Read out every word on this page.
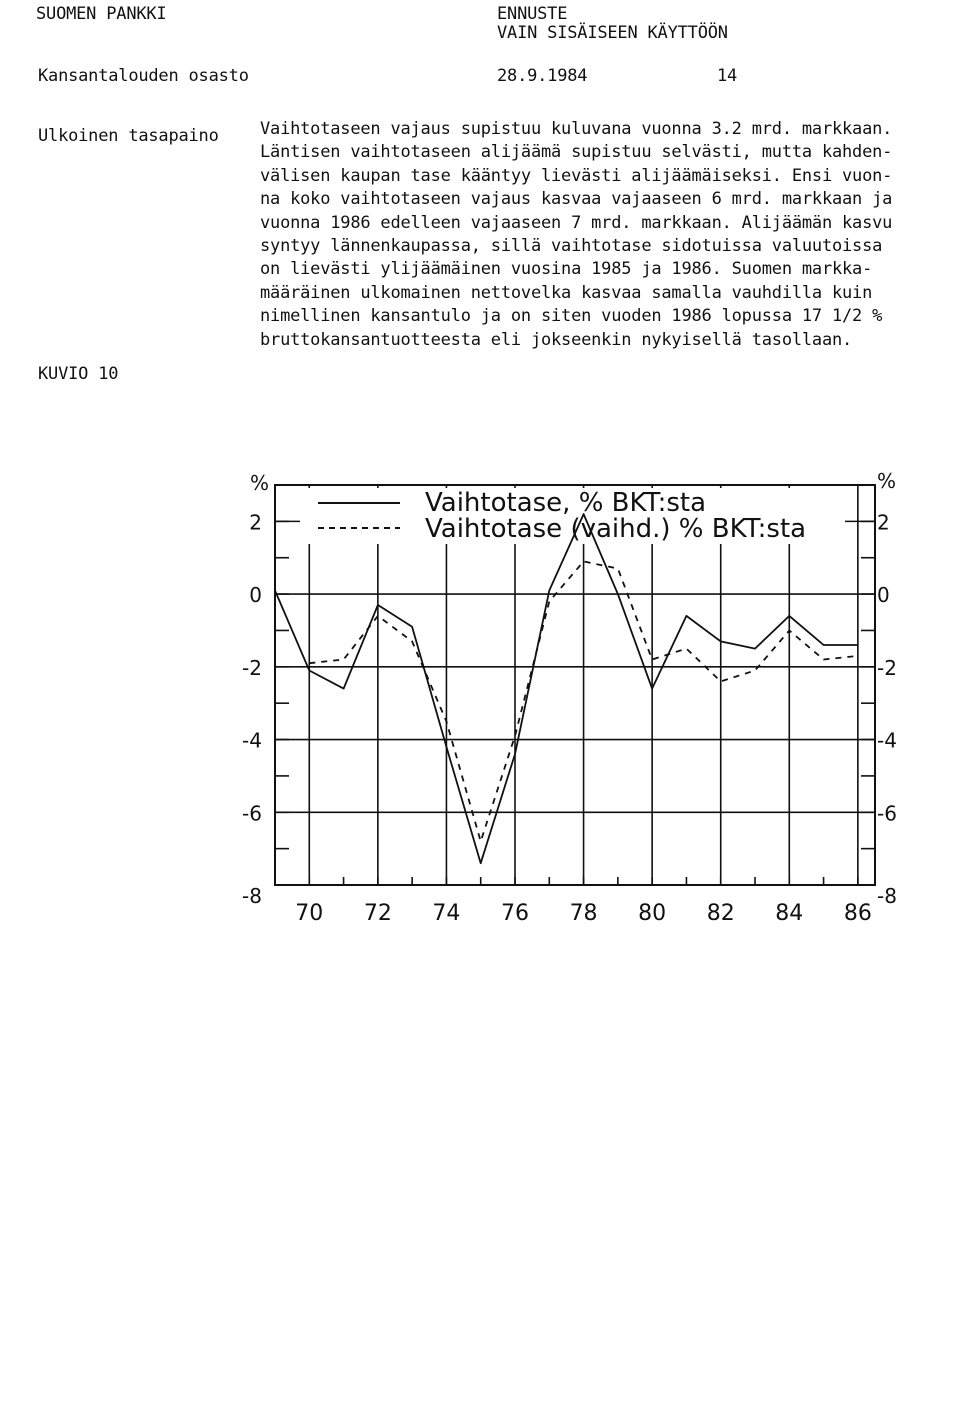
SUOMEN PANKKI	ENNUSTE
VAIN SISÄISEEN KÄYTTÖÖN
Kansantalouden osasto	28.9.1984	14
Ulkoinen tasapaino Vaihtotaseen vajaus supistuu kuluvana vuonna 3.2 mrd. markkaan.
Läntisen vaihtotaseen alijäämä supistuu selvästi, mutta kahden-
välisen kaupan tase kääntyy lievästi alijäämäiseksi. Ensi vuon-
na koko vaihtotaseen vajaus kasvaa vajaaseen 6 mrd. markkaan ja
vuonna 1986 edelleen vajaaseen 7 mrd. markkaan. Alijäämän kasvu
syntyy lännenkaupassa, sillä vaihtotase sidotuissa valuutoissa
on lievästi ylijäämäinen vuosina 1985 ja 1986. Suomen markka-
määräinen ulkomainen nettovelka kasvaa samalla vauhdilla kuin
nimellinen kansantulo ja on siten vuoden 1986 lopussa 17 1/2 %
bruttokansantuotteesta eli jokseenkin nykyisellä tasollaan.
KUVIO 10
2	2
0	0
-2	-2
-4	-4
-6	-6
-8	-8
70 72 74 76 78 80 82 84 86
Vaihtotase, % BKT:sta
Vaihtotase (vaihd.) % BKT:sta
%	%
